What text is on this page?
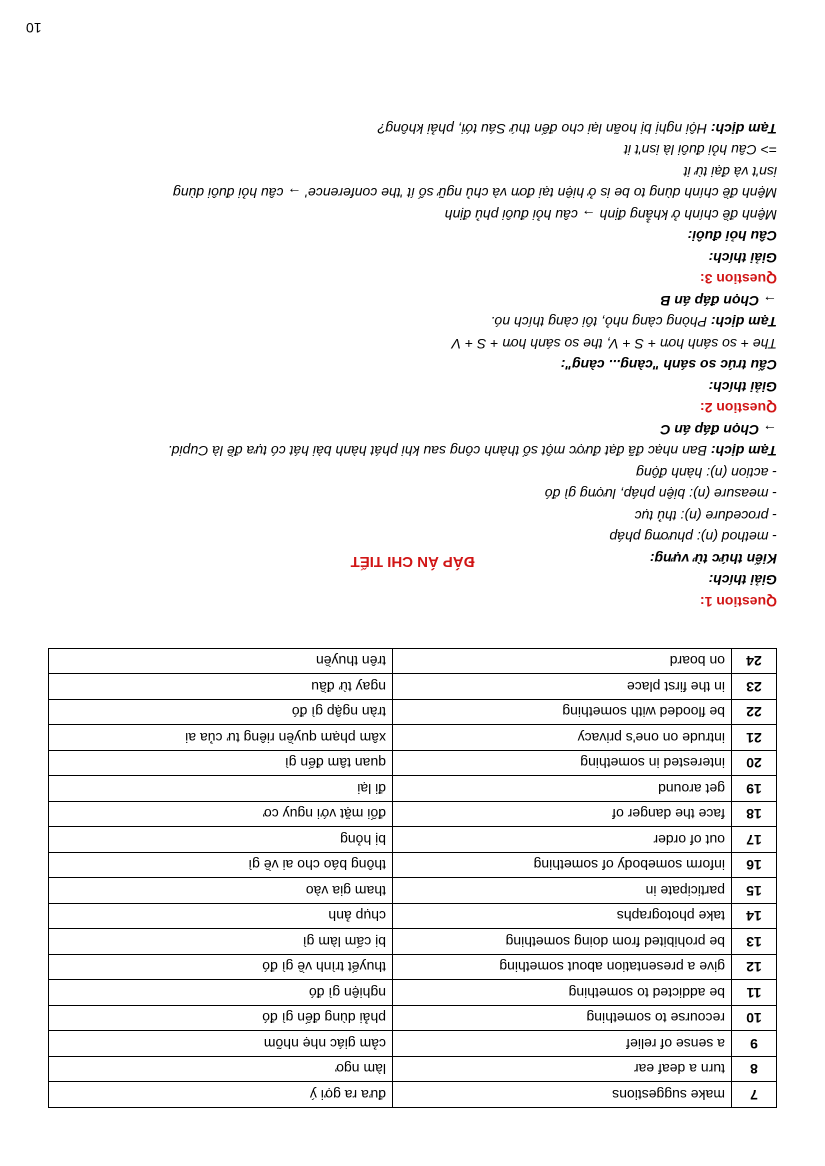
7	make suggestions	đưa ra gợi ý
8	turn a deaf ear	làm ngơ
9	a sense of relief	cảm giác nhẹ nhõm
10	recourse to something	phải dùng đến gì đó
11	be addicted to something	nghiện gì đó
12	give a presentation about something	thuyết trình về gì đó
13	be prohibited from doing something	bị cấm làm gì
14	take photographs	chụp ảnh
15	participate in	tham gia vào
16	inform somebody of something	thông báo cho ai về gì
17	out of order	bị hỏng
18	face the danger of	đối mặt với nguy cơ
19	get around	đi lại
20	interested in something	quan tâm đến gì
21	intrude on one's privacy	xâm phạm quyền riêng tư của ai
22	be flooded with something	tràn ngập gì đó
23	in the first place	ngay từ đầu
24	on board	trên thuyền
ĐÁP ÁN CHI TIẾT

Question 1:

Giải thích:

Kiến thức từ vựng:

- method (n): phương pháp

- procedure (n): thủ tục

- measure (n): biện pháp, lượng gì đó

- action (n): hành động

Tạm dịch: Ban nhạc đã đạt được một số thành công sau khi phát hành bài hát có tựa đề là Cupid.

→ Chọn đáp án C

Question 2:

Giải thích:

Cấu trúc so sánh "càng... càng":

The + so sánh hơn + S + V, the so sánh hơn + S + V

Tạm dịch: Phòng càng nhỏ, tôi càng thích nó.

→ Chọn đáp án B

Question 3:

Giải thích:

Câu hỏi đuôi:

Mệnh đề chính ở khẳng định → câu hỏi đuôi phủ định

Mệnh đề chính dùng to be is ở hiện tại đơn và chủ ngữ số ít 'the conference' → câu hỏi đuôi dùng

isn't và đại từ it

=> Câu hỏi đuôi là isn't it

Tạm dịch: Hội nghị bị hoãn lại cho đến thứ Sáu tới, phải không?

10
